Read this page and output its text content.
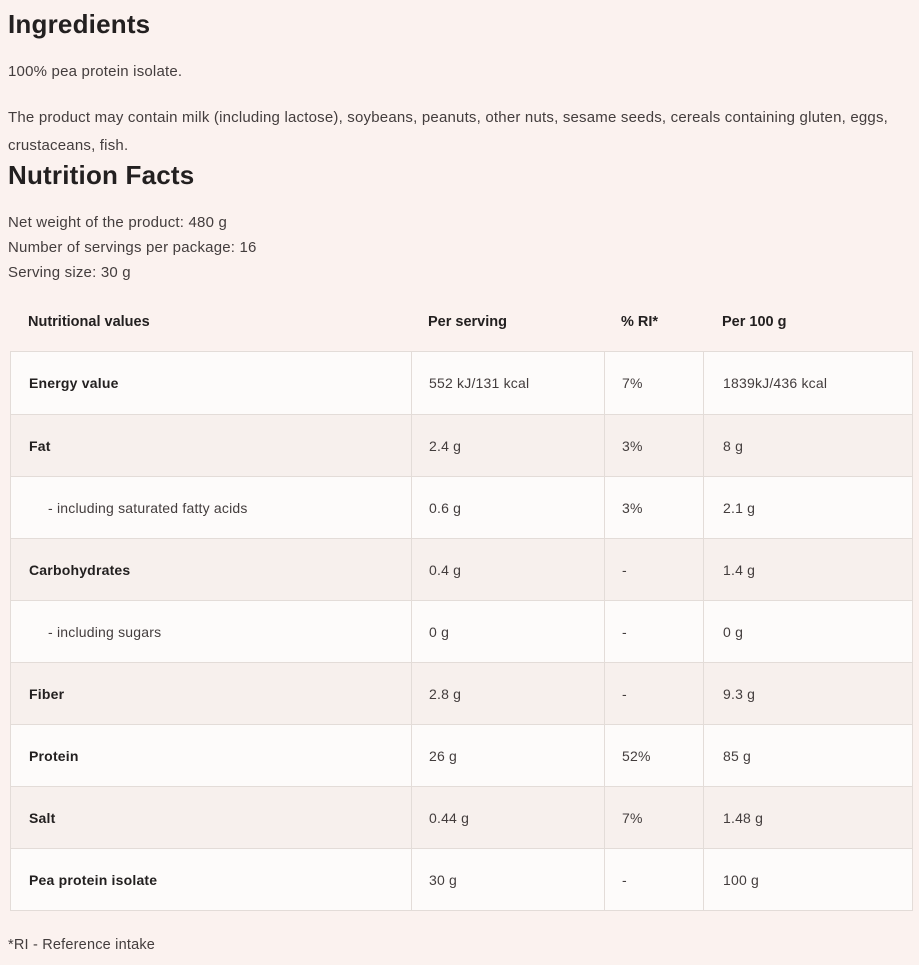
Ingredients

100% pea protein isolate.

The product may contain milk (including lactose), soybeans, peanuts, other nuts, sesame seeds, cereals containing gluten, eggs, crustaceans, fish.

Nutrition Facts
Net weight of the product: 480 g
Number of servings per package: 16
Serving size: 30 g
Nutritional values	Per serving	% RI*	Per 100 g
Energy value	552 kJ/131 kcal	7%	1839kJ/436 kcal
Fat	2.4 g	3%	8 g
- including saturated fatty acids	0.6 g	3%	2.1 g
Carbohydrates	0.4 g	-	1.4 g
- including sugars	0 g	-	0 g
Fiber	2.8 g	-	9.3 g
Protein	26 g	52%	85 g
Salt	0.44 g	7%	1.48 g
Pea protein isolate	30 g	-	100 g

*RI - Reference intake
